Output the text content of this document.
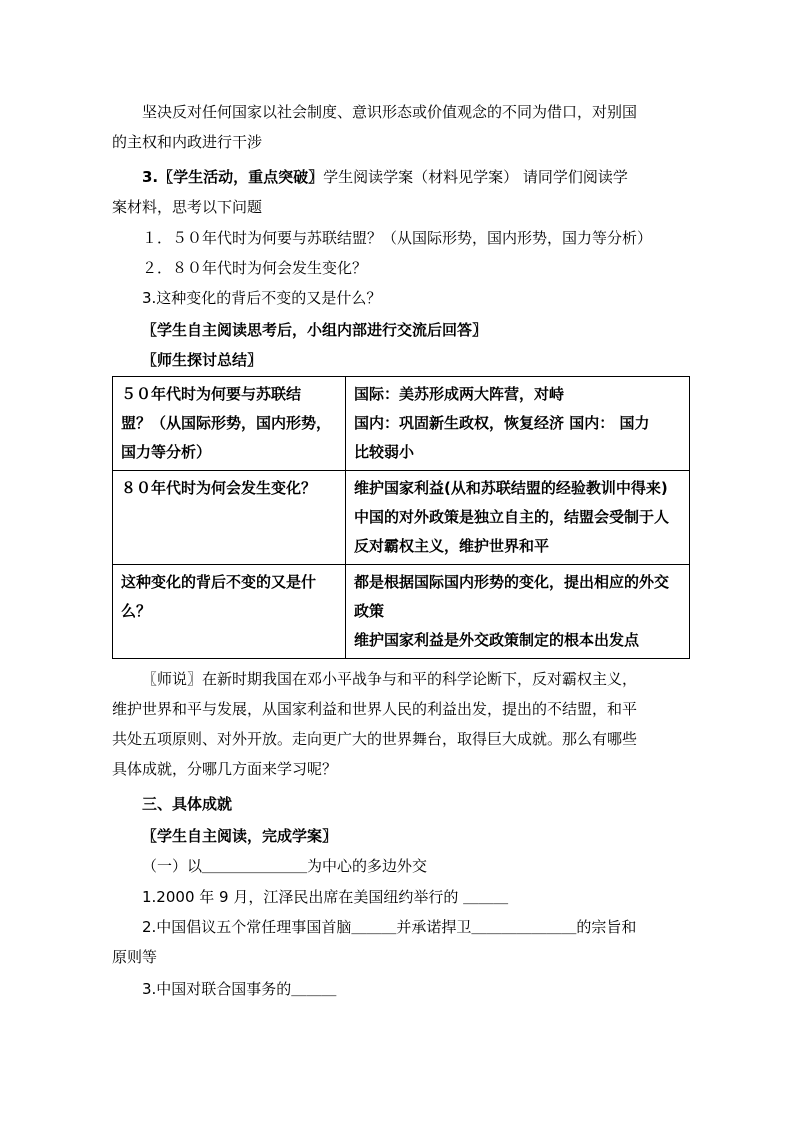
坚决反对任何国家以社会制度、意识形态或价值观念的不同为借口，对别国

的主权和内政进行干涉

3.〖学生活动，重点突破〗学生阅读学案（材料见学案） 请同学们阅读学

案材料，思考以下问题

１．５０年代时为何要与苏联结盟？（从国际形势，国内形势，国力等分析）

２．８０年代时为何会发生变化？

3.这种变化的背后不变的又是什么？

〖学生自主阅读思考后，小组内部进行交流后回答〗

〖师生探讨总结〗

５０年代时为何要与苏联结
盟？（从国际形势，国内形势，
国力等分析）	国际：美苏形成两大阵营，对峙
国内：巩固新生政权，恢复经济 国内： 国力
比较弱小

８０年代时为何会发生变化？	维护国家利益(从和苏联结盟的经验教训中得来)
中国的对外政策是独立自主的，结盟会受制于人
反对霸权主义，维护世界和平

这种变化的背后不变的又是什
么？	都是根据国际国内形势的变化，提出相应的外交
政策
维护国家利益是外交政策制定的根本出发点

〖师说〗在新时期我国在邓小平战争与和平的科学论断下，反对霸权主义，

维护世界和平与发展，从国家利益和世界人民的利益出发，提出的不结盟，和平

共处五项原则、对外开放。走向更广大的世界舞台，取得巨大成就。那么有哪些

具体成就，分哪几方面来学习呢？

三、具体成就

〖学生自主阅读，完成学案〗

（一）以＿＿＿＿＿＿＿为中心的多边外交

1.2000 年 9 月，江泽民出席在美国纽约举行的 ＿＿＿

2.中国倡议五个常任理事国首脑＿＿＿并承诺捍卫＿＿＿＿＿＿＿的宗旨和

原则等

3.中国对联合国事务的＿＿＿
